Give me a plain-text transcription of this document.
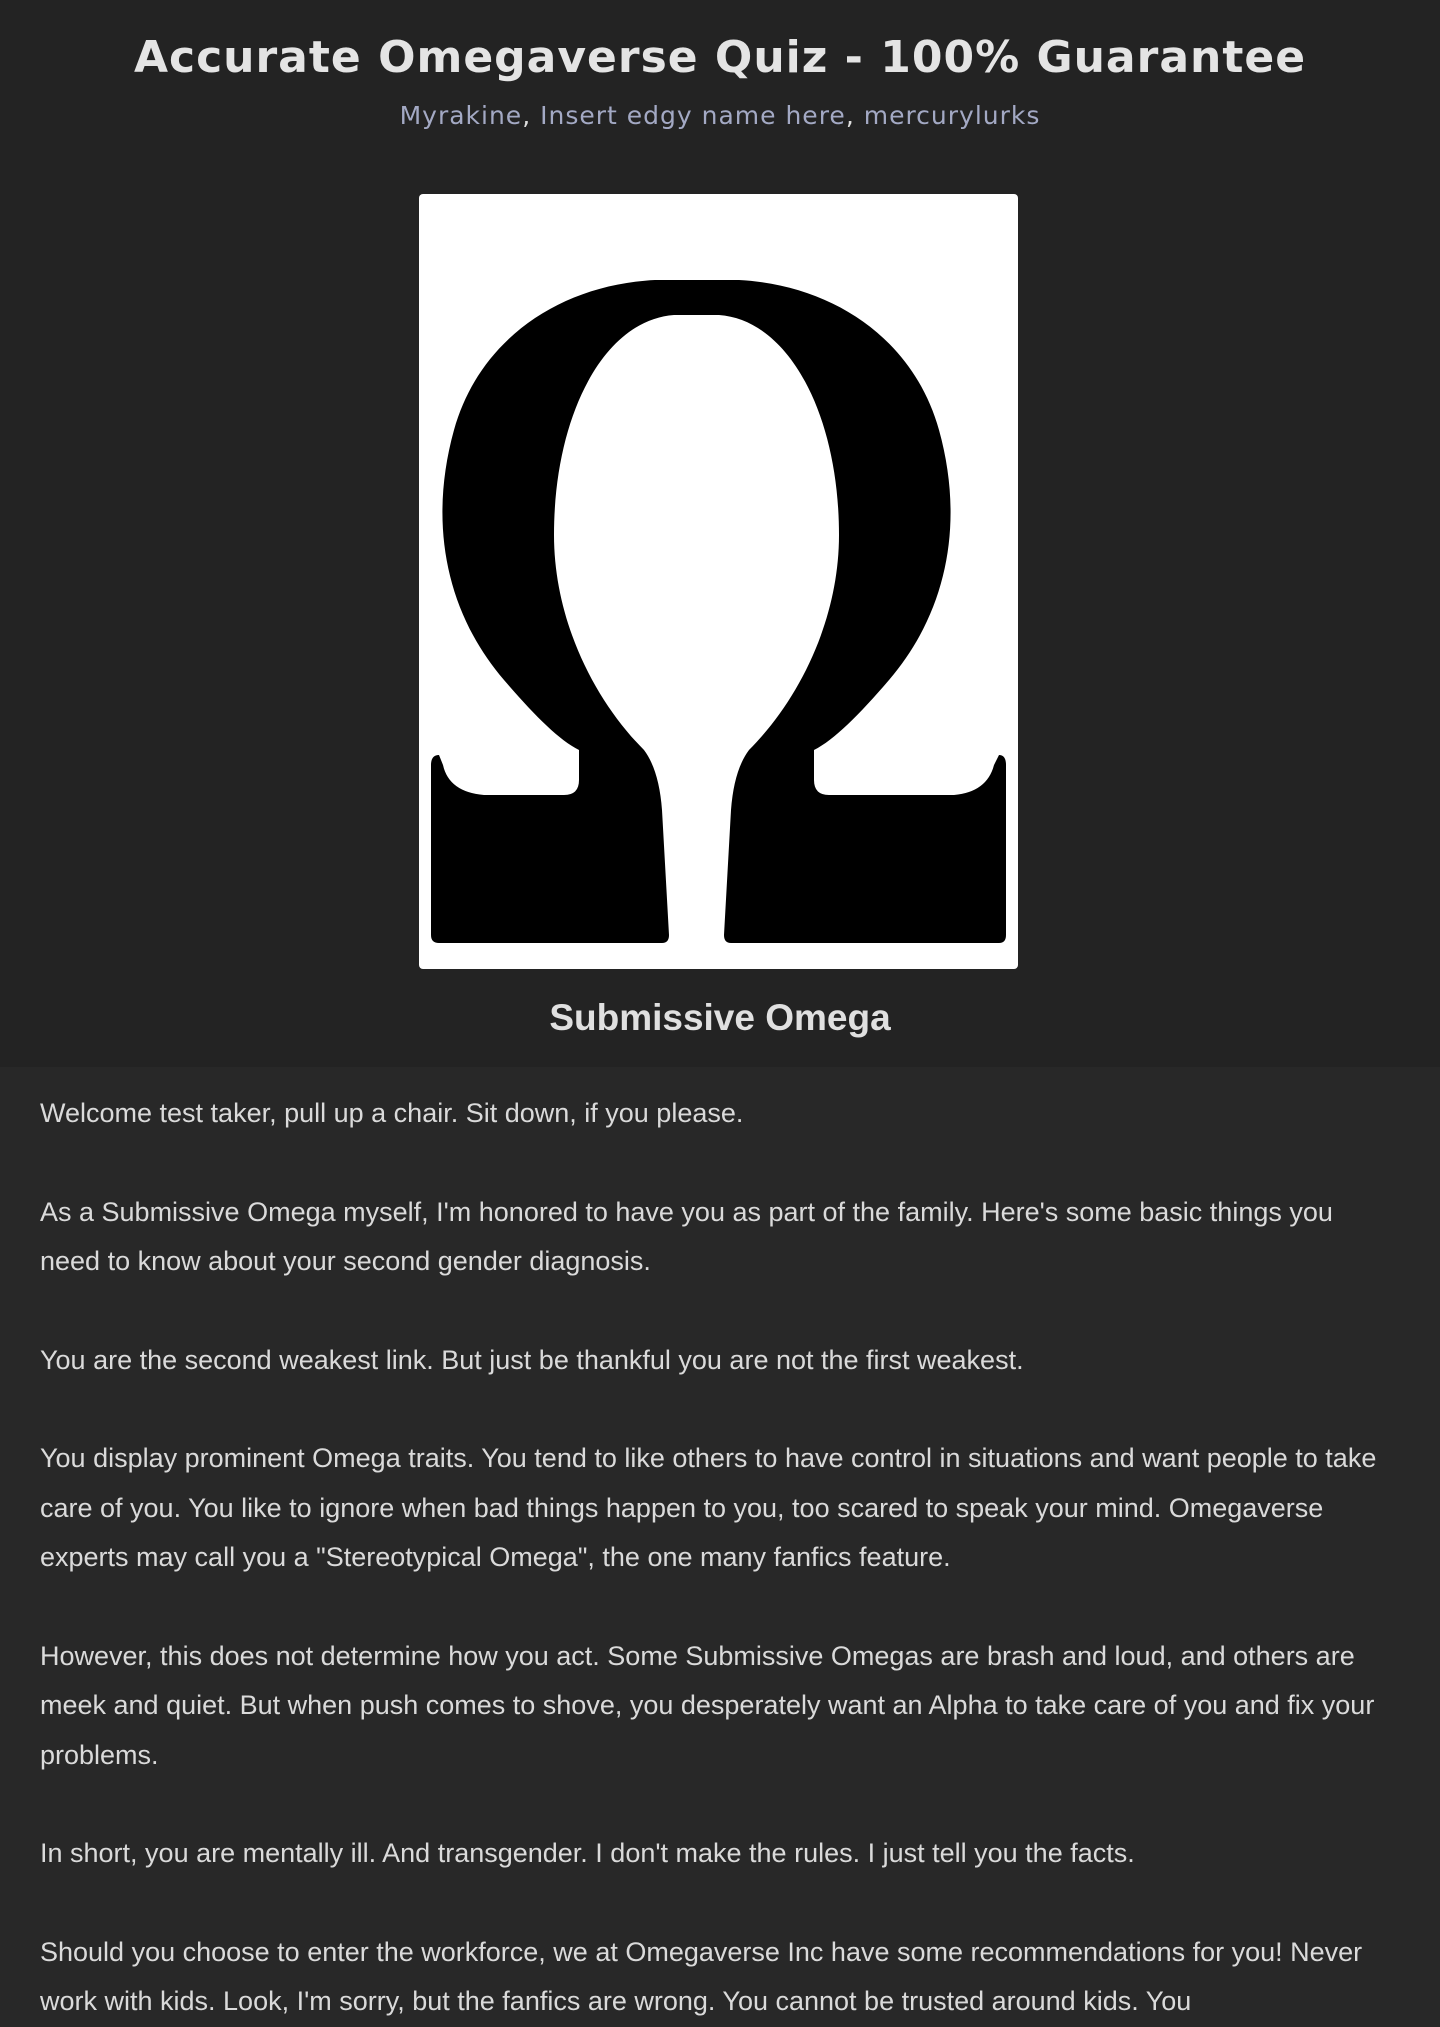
Accurate Omegaverse Quiz - 100% Guarantee
Myrakine, Insert edgy name here, mercurylurks
Submissive Omega

Welcome test taker, pull up a chair. Sit down, if you please.

As a Submissive Omega myself, I'm honored to have you as part of the family. Here's some basic things you need to know about your second gender diagnosis.

You are the second weakest link. But just be thankful you are not the first weakest.

You display prominent Omega traits. You tend to like others to have control in situations and want people to take care of you. You like to ignore when bad things happen to you, too scared to speak your mind. Omegaverse experts may call you a "Stereotypical Omega", the one many fanfics feature.

However, this does not determine how you act. Some Submissive Omegas are brash and loud, and others are meek and quiet. But when push comes to shove, you desperately want an Alpha to take care of you and fix your problems.

In short, you are mentally ill. And transgender. I don't make the rules. I just tell you the facts.

Should you choose to enter the workforce, we at Omegaverse Inc have some recommendations for you! Never work with kids. Look, I'm sorry, but the fanfics are wrong. You cannot be trusted around kids. You
